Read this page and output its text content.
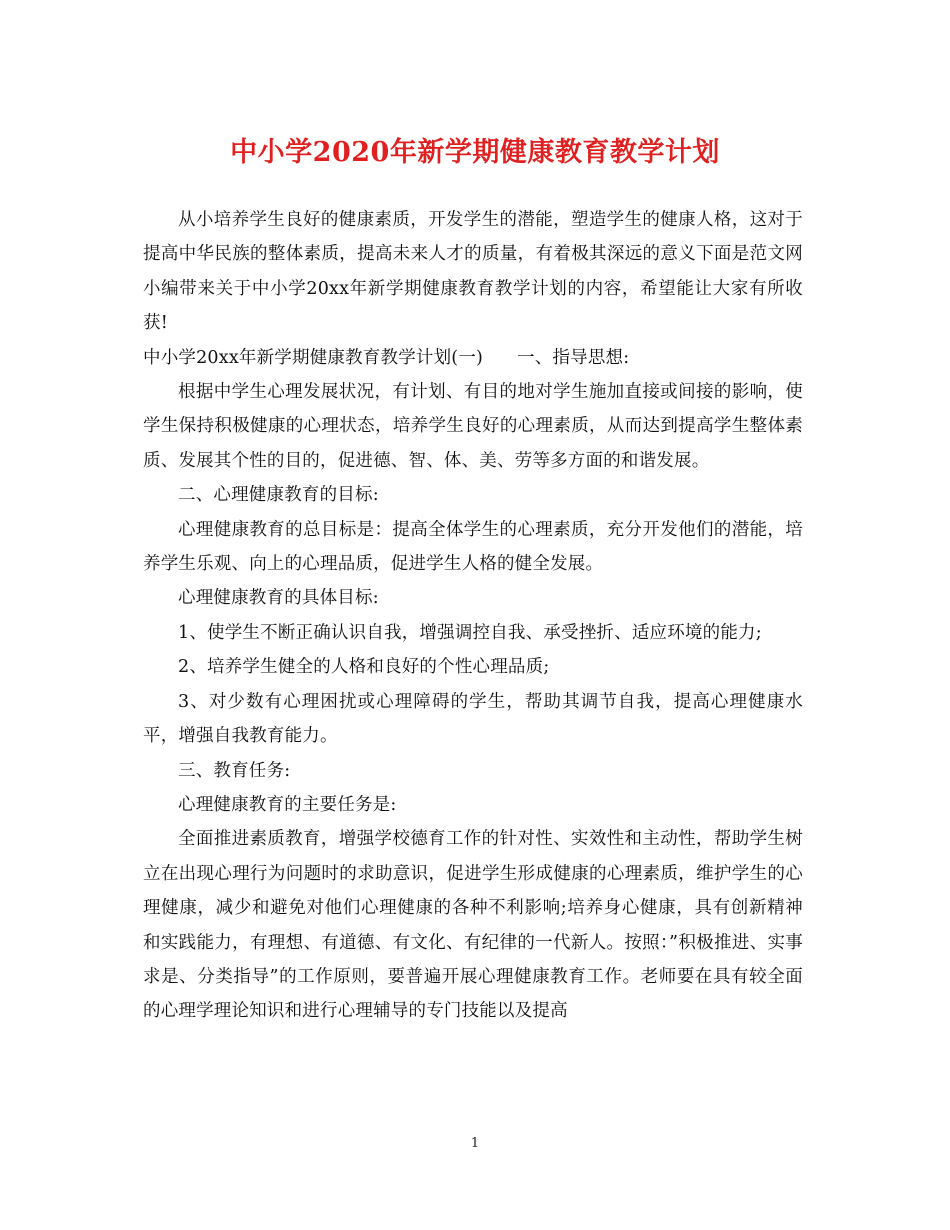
中小学2020年新学期健康教育教学计划

从小培养学生良好的健康素质，开发学生的潜能，塑造学生的健康人格，这对于提高中华民族的整体素质，提高未来人才的质量，有着极其深远的意义下面是范文网小编带来关于中小学20xx年新学期健康教育教学计划的内容，希望能让大家有所收获!

中小学20xx年新学期健康教育教学计划(一) 一、指导思想:

根据中学生心理发展状况，有计划、有目的地对学生施加直接或间接的影响，使学生保持积极健康的心理状态，培养学生良好的心理素质，从而达到提高学生整体素质、发展其个性的目的，促进德、智、体、美、劳等多方面的和谐发展。

二、心理健康教育的目标:

心理健康教育的总目标是：提高全体学生的心理素质，充分开发他们的潜能，培养学生乐观、向上的心理品质，促进学生人格的健全发展。

心理健康教育的具体目标:

1、使学生不断正确认识自我，增强调控自我、承受挫折、适应环境的能力;

2、培养学生健全的人格和良好的个性心理品质;

3、对少数有心理困扰或心理障碍的学生，帮助其调节自我，提高心理健康水平，增强自我教育能力。

三、教育任务:

心理健康教育的主要任务是:

全面推进素质教育，增强学校德育工作的针对性、实效性和主动性，帮助学生树立在出现心理行为问题时的求助意识，促进学生形成健康的心理素质，维护学生的心理健康，减少和避免对他们心理健康的各种不利影响;培养身心健康，具有创新精神和实践能力，有理想、有道德、有文化、有纪律的一代新人。按照：”积极推进、实事求是、分类指导”的工作原则，要普遍开展心理健康教育工作。老师要在具有较全面的心理学理论知识和进行心理辅导的专门技能以及提高

1
